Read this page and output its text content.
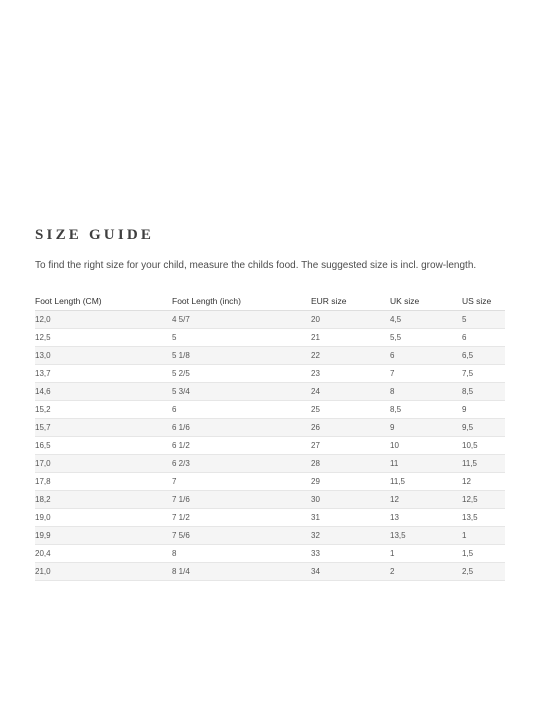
SIZE GUIDE
To find the right size for your child, measure the childs food. The suggested size is incl. grow-length.
Foot Length (CM)	Foot Length (inch)	EUR size	UK size	US size
12,0	4 5/7	20	4,5	5
12,5	5	21	5,5	6
13,0	5 1/8	22	6	6,5
13,7	5 2/5	23	7	7,5
14,6	5 3/4	24	8	8,5
15,2	6	25	8,5	9
15,7	6 1/6	26	9	9,5
16,5	6 1/2	27	10	10,5
17,0	6 2/3	28	11	11,5
17,8	7	29	11,5	12
18,2	7 1/6	30	12	12,5
19,0	7 1/2	31	13	13,5
19,9	7 5/6	32	13,5	1
20,4	8	33	1	1,5
21,0	8 1/4	34	2	2,5
